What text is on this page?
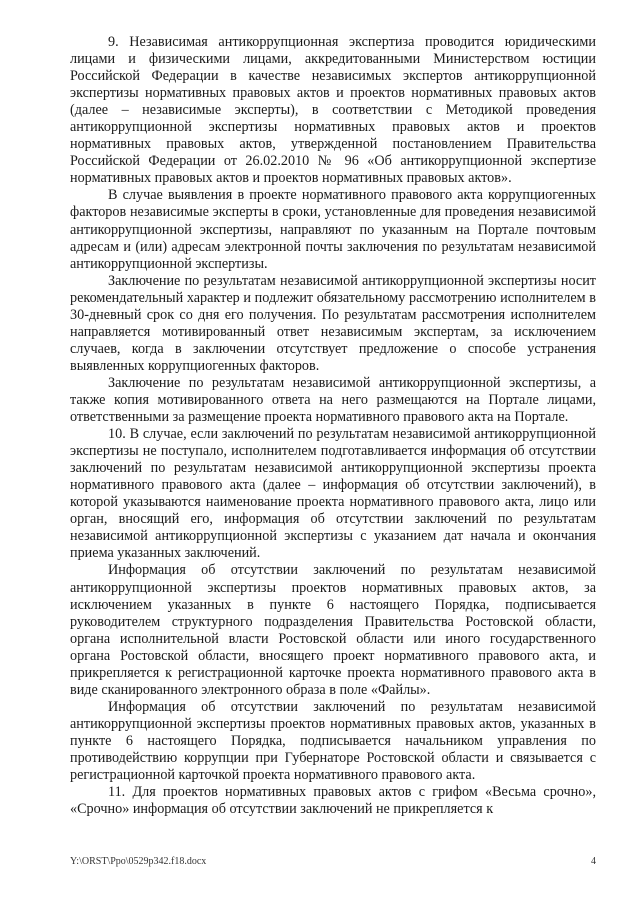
9. Независимая антикоррупционная экспертиза проводится юридическими лицами и физическими лицами, аккредитованными Министерством юстиции Российской Федерации в качестве независимых экспертов антикоррупционной экспертизы нормативных правовых актов и проектов нормативных правовых актов (далее – независимые эксперты), в соответствии с Методикой проведения антикоррупционной экспертизы нормативных правовых актов и проектов нормативных правовых актов, утвержденной постановлением Правительства Российской Федерации от 26.02.2010 № 96 «Об антикоррупционной экспертизе нормативных правовых актов и проектов нормативных правовых актов».

В случае выявления в проекте нормативного правового акта коррупциогенных факторов независимые эксперты в сроки, установленные для проведения независимой антикоррупционной экспертизы, направляют по указанным на Портале почтовым адресам и (или) адресам электронной почты заключения по результатам независимой антикоррупционной экспертизы.

Заключение по результатам независимой антикоррупционной экспертизы носит рекомендательный характер и подлежит обязательному рассмотрению исполнителем в 30-дневный срок со дня его получения. По результатам рассмотрения исполнителем направляется мотивированный ответ независимым экспертам, за исключением случаев, когда в заключении отсутствует предложение о способе устранения выявленных коррупциогенных факторов.

Заключение по результатам независимой антикоррупционной экспертизы, а также копия мотивированного ответа на него размещаются на Портале лицами, ответственными за размещение проекта нормативного правового акта на Портале.

10. В случае, если заключений по результатам независимой антикоррупционной экспертизы не поступало, исполнителем подготавливается информация об отсутствии заключений по результатам независимой антикоррупционной экспертизы проекта нормативного правового акта (далее – информация об отсутствии заключений), в которой указываются наименование проекта нормативного правового акта, лицо или орган, вносящий его, информация об отсутствии заключений по результатам независимой антикоррупционной экспертизы с указанием дат начала и окончания приема указанных заключений.

Информация об отсутствии заключений по результатам независимой антикоррупционной экспертизы проектов нормативных правовых актов, за исключением указанных в пункте 6 настоящего Порядка, подписывается руководителем структурного подразделения Правительства Ростовской области, органа исполнительной власти Ростовской области или иного государственного органа Ростовской области, вносящего проект нормативного правового акта, и прикрепляется к регистрационной карточке проекта нормативного правового акта в виде сканированного электронного образа в поле «Файлы».

Информация об отсутствии заключений по результатам независимой антикоррупционной экспертизы проектов нормативных правовых актов, указанных в пункте 6 настоящего Порядка, подписывается начальником управления по противодействию коррупции при Губернаторе Ростовской области и связывается с регистрационной карточкой проекта нормативного правового акта.

11. Для проектов нормативных правовых актов с грифом «Весьма срочно», «Срочно» информация об отсутствии заключений не прикрепляется к

Y:\ORST\Ppo\0529p342.f18.docx	4
